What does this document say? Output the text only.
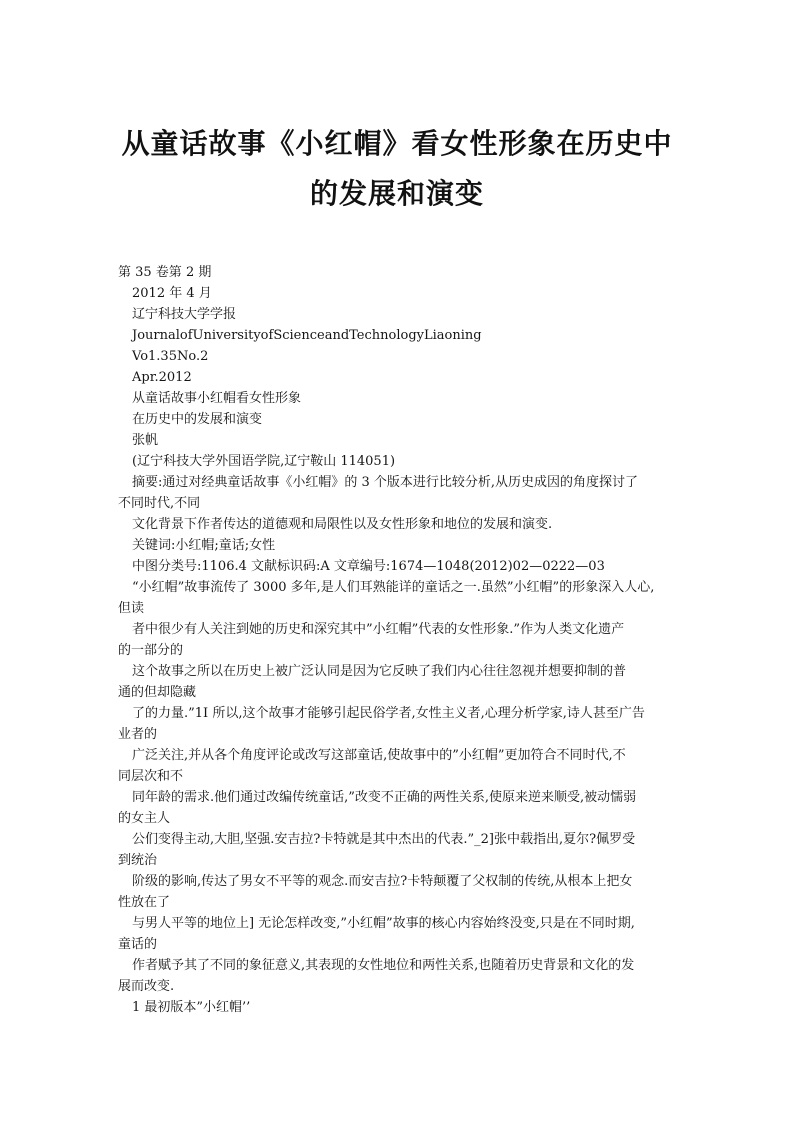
从童话故事《小红帽》看女性形象在历史中
的发展和演变
第 35 卷第 2 期
2012 年 4 月
辽宁科技大学学报
JournalofUniversityofScienceandTechnologyLiaoning
Vo1.35No.2
Apr.2012
从童话故事小红帽看女性形象
在历史中的发展和演变
张帆
(辽宁科技大学外国语学院,辽宁鞍山 114051)
摘要:通过对经典童话故事《小红帽》的 3 个版本进行比较分析,从历史成因的角度探讨了
不同时代,不同
文化背景下作者传达的道德观和局限性以及女性形象和地位的发展和演变.
关键词:小红帽;童话;女性
中图分类号:1106.4 文献标识码:A 文章编号:1674—1048(2012)02—0222—03
“小红帽”故事流传了 3000 多年,是人们耳熟能详的童话之一.虽然”小红帽”的形象深入人心,
但读
者中很少有人关注到她的历史和深究其中”小红帽”代表的女性形象.”作为人类文化遗产
的一部分的
这个故事之所以在历史上被广泛认同是因为它反映了我们内心往往忽视并想要抑制的普
通的但却隐藏
了的力量.”1I 所以,这个故事才能够引起民俗学者,女性主义者,心理分析学家,诗人甚至广告
业者的
广泛关注,并从各个角度评论或改写这部童话,使故事中的”小红帽”更加符合不同时代,不
同层次和不
同年龄的需求.他们通过改编传统童话,”改变不正确的两性关系,使原来逆来顺受,被动懦弱
的女主人
公们变得主动,大胆,坚强.安吉拉?卡特就是其中杰出的代表.”_2]张中载指出,夏尔?佩罗受
到统治
阶级的影响,传达了男女不平等的观念.而安吉拉?卡特颠覆了父权制的传统,从根本上把女
性放在了
与男人平等的地位上] 无论怎样改变,”小红帽”故事的核心内容始终没变,只是在不同时期,
童话的
作者赋予其了不同的象征意义,其表现的女性地位和两性关系,也随着历史背景和文化的发
展而改变.
1 最初版本”小红帽’’
